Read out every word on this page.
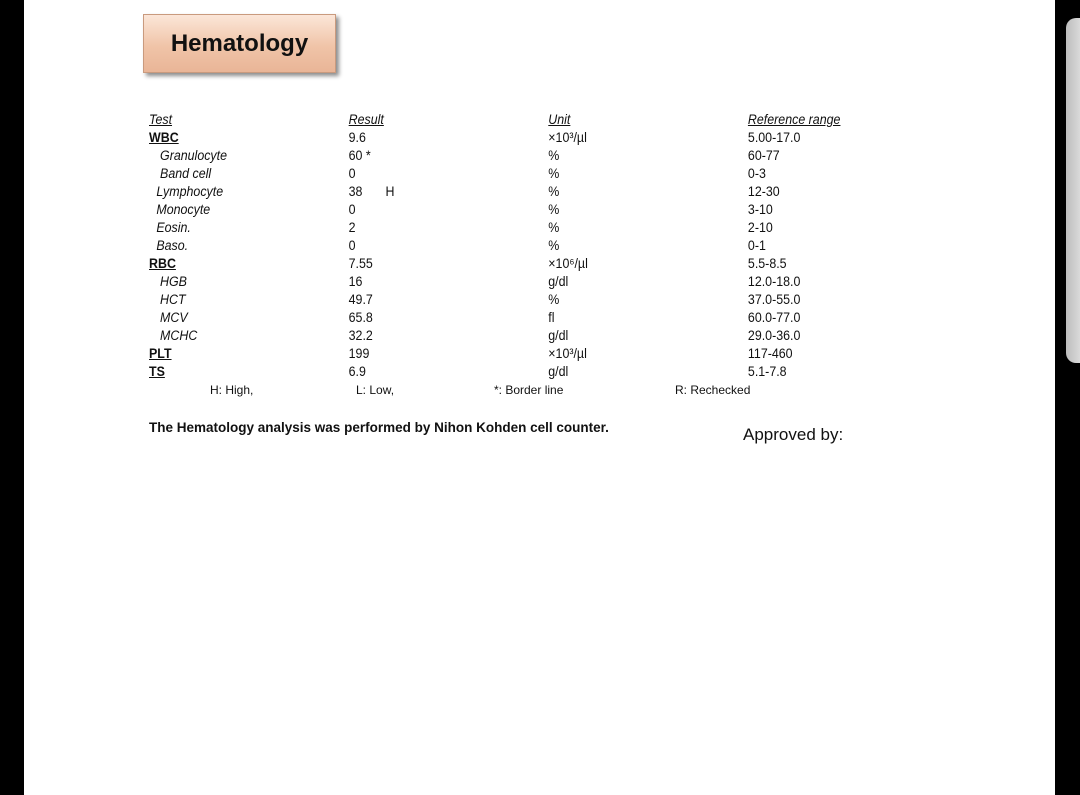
Hematology
Test	Result	Unit	Reference range
WBC	9.6	×10³/µl	5.00-17.0
Granulocyte	60 *	%	60-77
Band cell	0	%	0-3
Lymphocyte	38 H	%	12-30
Monocyte	0	%	3-10
Eosin.	2	%	2-10
Baso.	0	%	0-1
RBC	7.55	×10⁶/µl	5.5-8.5
HGB	16	g/dl	12.0-18.0
HCT	49.7	%	37.0-55.0
MCV	65.8	fl	60.0-77.0
MCHC	32.2	g/dl	29.0-36.0
PLT	199	×10³/µl	117-460
TS	6.9	g/dl	5.1-7.8
H: High,	L: Low,	*: Border line	R: Rechecked
The Hematology analysis was performed by Nihon Kohden cell counter.	Approved by:
